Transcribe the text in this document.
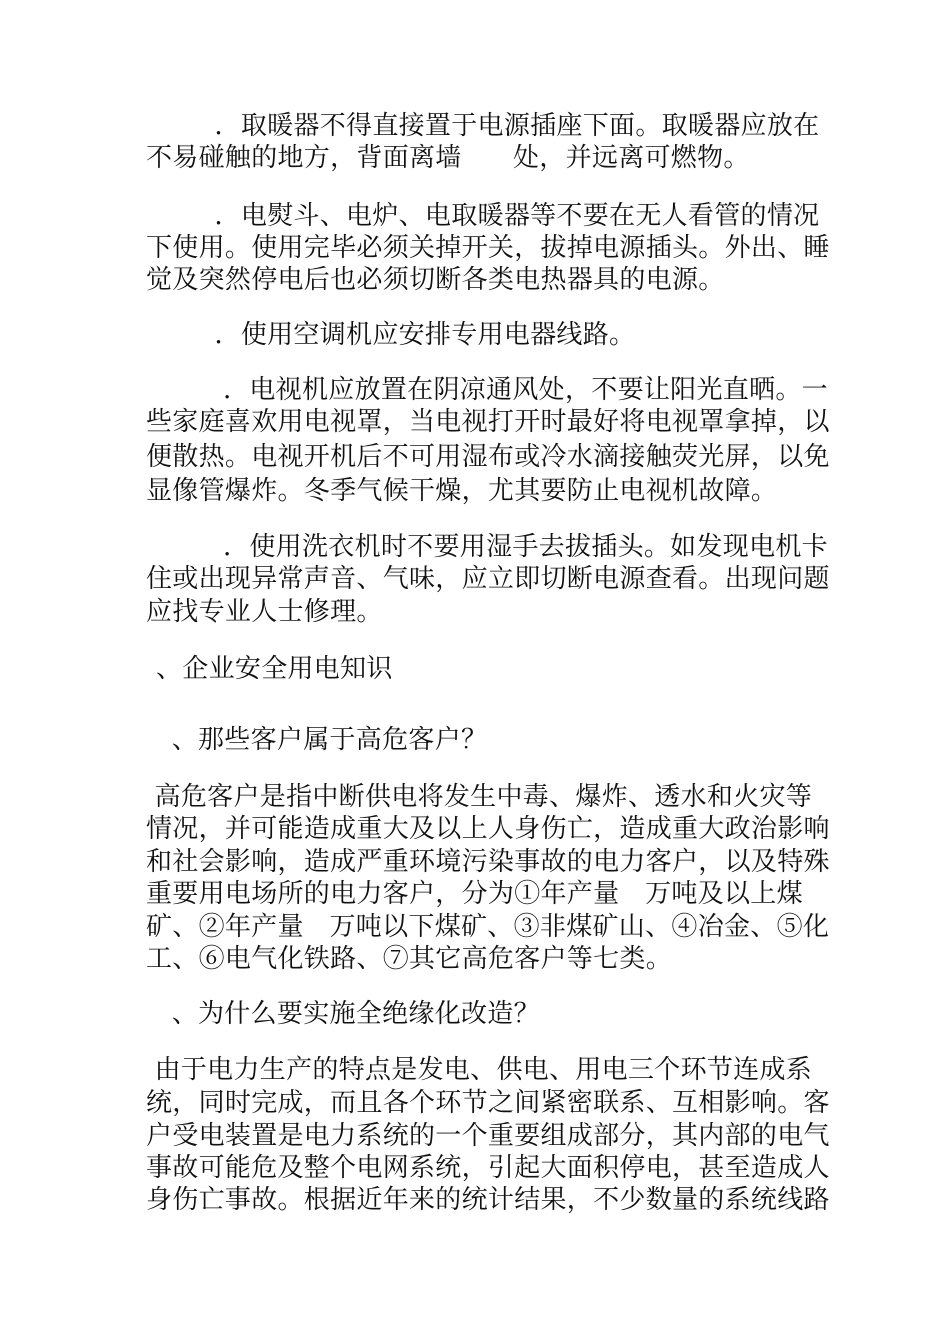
．取暖器不得直接置于电源插座下面。取暖器应放在
不易碰触的地方，背面离墙      处，并远离可燃物。
．电熨斗、电炉、电取暖器等不要在无人看管的情况
下使用。使用完毕必须关掉开关，拔掉电源插头。外出、睡
觉及突然停电后也必须切断各类电热器具的电源。
．使用空调机应安排专用电器线路。
．电视机应放置在阴凉通风处，不要让阳光直晒。一
些家庭喜欢用电视罩，当电视打开时最好将电视罩拿掉，以
便散热。电视开机后不可用湿布或冷水滴接触荧光屏，以免
显像管爆炸。冬季气候干燥，尤其要防止电视机故障。
．使用洗衣机时不要用湿手去拔插头。如发现电机卡
住或出现异常声音、气味，应立即切断电源查看。出现问题
应找专业人士修理。
、企业安全用电知识
、那些客户属于高危客户？
高危客户是指中断供电将发生中毒、爆炸、透水和火灾等
情况，并可能造成重大及以上人身伤亡，造成重大政治影响
和社会影响，造成严重环境污染事故的电力客户，以及特殊
重要用电场所的电力客户，分为①年产量   万吨及以上煤
矿、②年产量   万吨以下煤矿、③非煤矿山、④冶金、⑤化
工、⑥电气化铁路、⑦其它高危客户等七类。
、为什么要实施全绝缘化改造？
由于电力生产的特点是发电、供电、用电三个环节连成系
统，同时完成，而且各个环节之间紧密联系、互相影响。客
户受电装置是电力系统的一个重要组成部分，其内部的电气
事故可能危及整个电网系统，引起大面积停电，甚至造成人
身伤亡事故。根据近年来的统计结果，不少数量的系统线路
